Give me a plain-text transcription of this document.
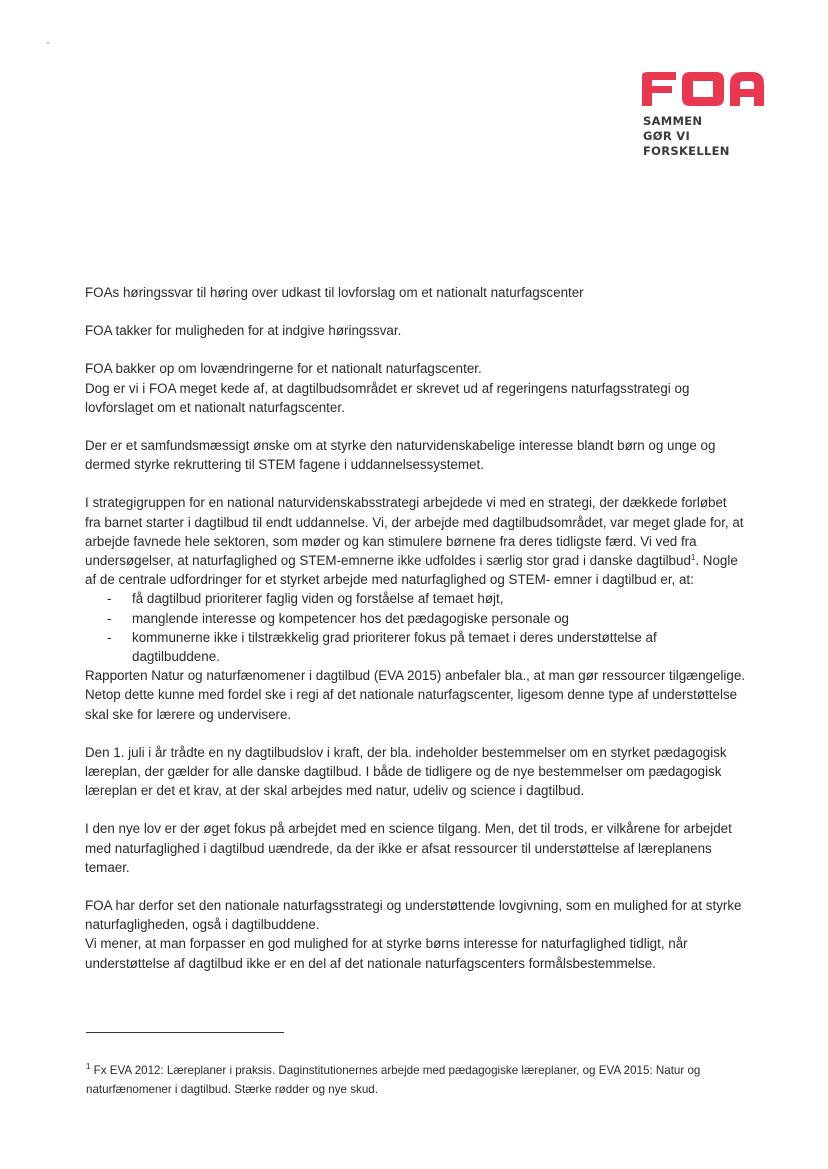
SAMMEN
GØR VI FORSKELLEN

FOAs høringssvar til høring over udkast til lovforslag om et nationalt naturfagscenter

FOA takker for muligheden for at indgive høringssvar.

FOA bakker op om lovændringerne for et nationalt naturfagscenter.
Dog er vi i FOA meget kede af, at dagtilbudsområdet er skrevet ud af regeringens naturfagsstrategi og lovforslaget om et nationalt naturfagscenter.

Der er et samfundsmæssigt ønske om at styrke den naturvidenskabelige interesse blandt børn og unge og dermed styrke rekruttering til STEM fagene i uddannelsessystemet.

I strategigruppen for en national naturvidenskabsstrategi arbejdede vi med en strategi, der dækkede forløbet fra barnet starter i dagtilbud til endt uddannelse. Vi, der arbejde med dagtilbudsområdet, var meget glade for, at arbejde favnede hele sektoren, som møder og kan stimulere børnene fra deres tidligste færd. Vi ved fra undersøgelser, at naturfaglighed og STEM-emnerne ikke udfoldes i særlig stor grad i danske dagtilbud$^1$. Nogle af de centrale udfordringer for et styrket arbejde med naturfaglighed og STEM- emner i dagtilbud er, at:

- få dagtilbud prioriterer faglig viden og forståelse af temaet højt,
- manglende interesse og kompetencer hos det pædagogiske personale og
- kommunerne ikke i tilstrækkelig grad prioriterer fokus på temaet i deres understøttelse af dagtilbuddene.

Rapporten Natur og naturfænomener i dagtilbud (EVA 2015) anbefaler bla., at man gør ressourcer tilgængelige. Netop dette kunne med fordel ske i regi af det nationale naturfagscenter, ligesom denne type af understøttelse skal ske for lærere og undervisere.

Den 1. juli i år trådte en ny dagtilbudslov i kraft, der bla. indeholder bestemmelser om en styrket pædagogisk læreplan, der gælder for alle danske dagtilbud. I både de tidligere og de nye bestemmelser om pædagogisk læreplan er det et krav, at der skal arbejdes med natur, udeliv og science i dagtilbud.

I den nye lov er der øget fokus på arbejdet med en science tilgang. Men, det til trods, er vilkårene for arbejdet med naturfaglighed i dagtilbud uændrede, da der ikke er afsat ressourcer til understøttelse af læreplanens temaer.

FOA har derfor set den nationale naturfagsstrategi og understøttende lovgivning, som en mulighed for at styrke naturfagligheden, også i dagtilbuddene.
Vi mener, at man forpasser en god mulighed for at styrke børns interesse for naturfaglighed tidligt, når understøttelse af dagtilbud ikke er en del af det nationale naturfagscenters formålsbestemmelse.

$^1$ Fx EVA 2012: Læreplaner i praksis. Daginstitutionernes arbejde med pædagogiske læreplaner, og EVA 2015: Natur og naturfænomener i dagtilbud. Stærke rødder og nye skud.
